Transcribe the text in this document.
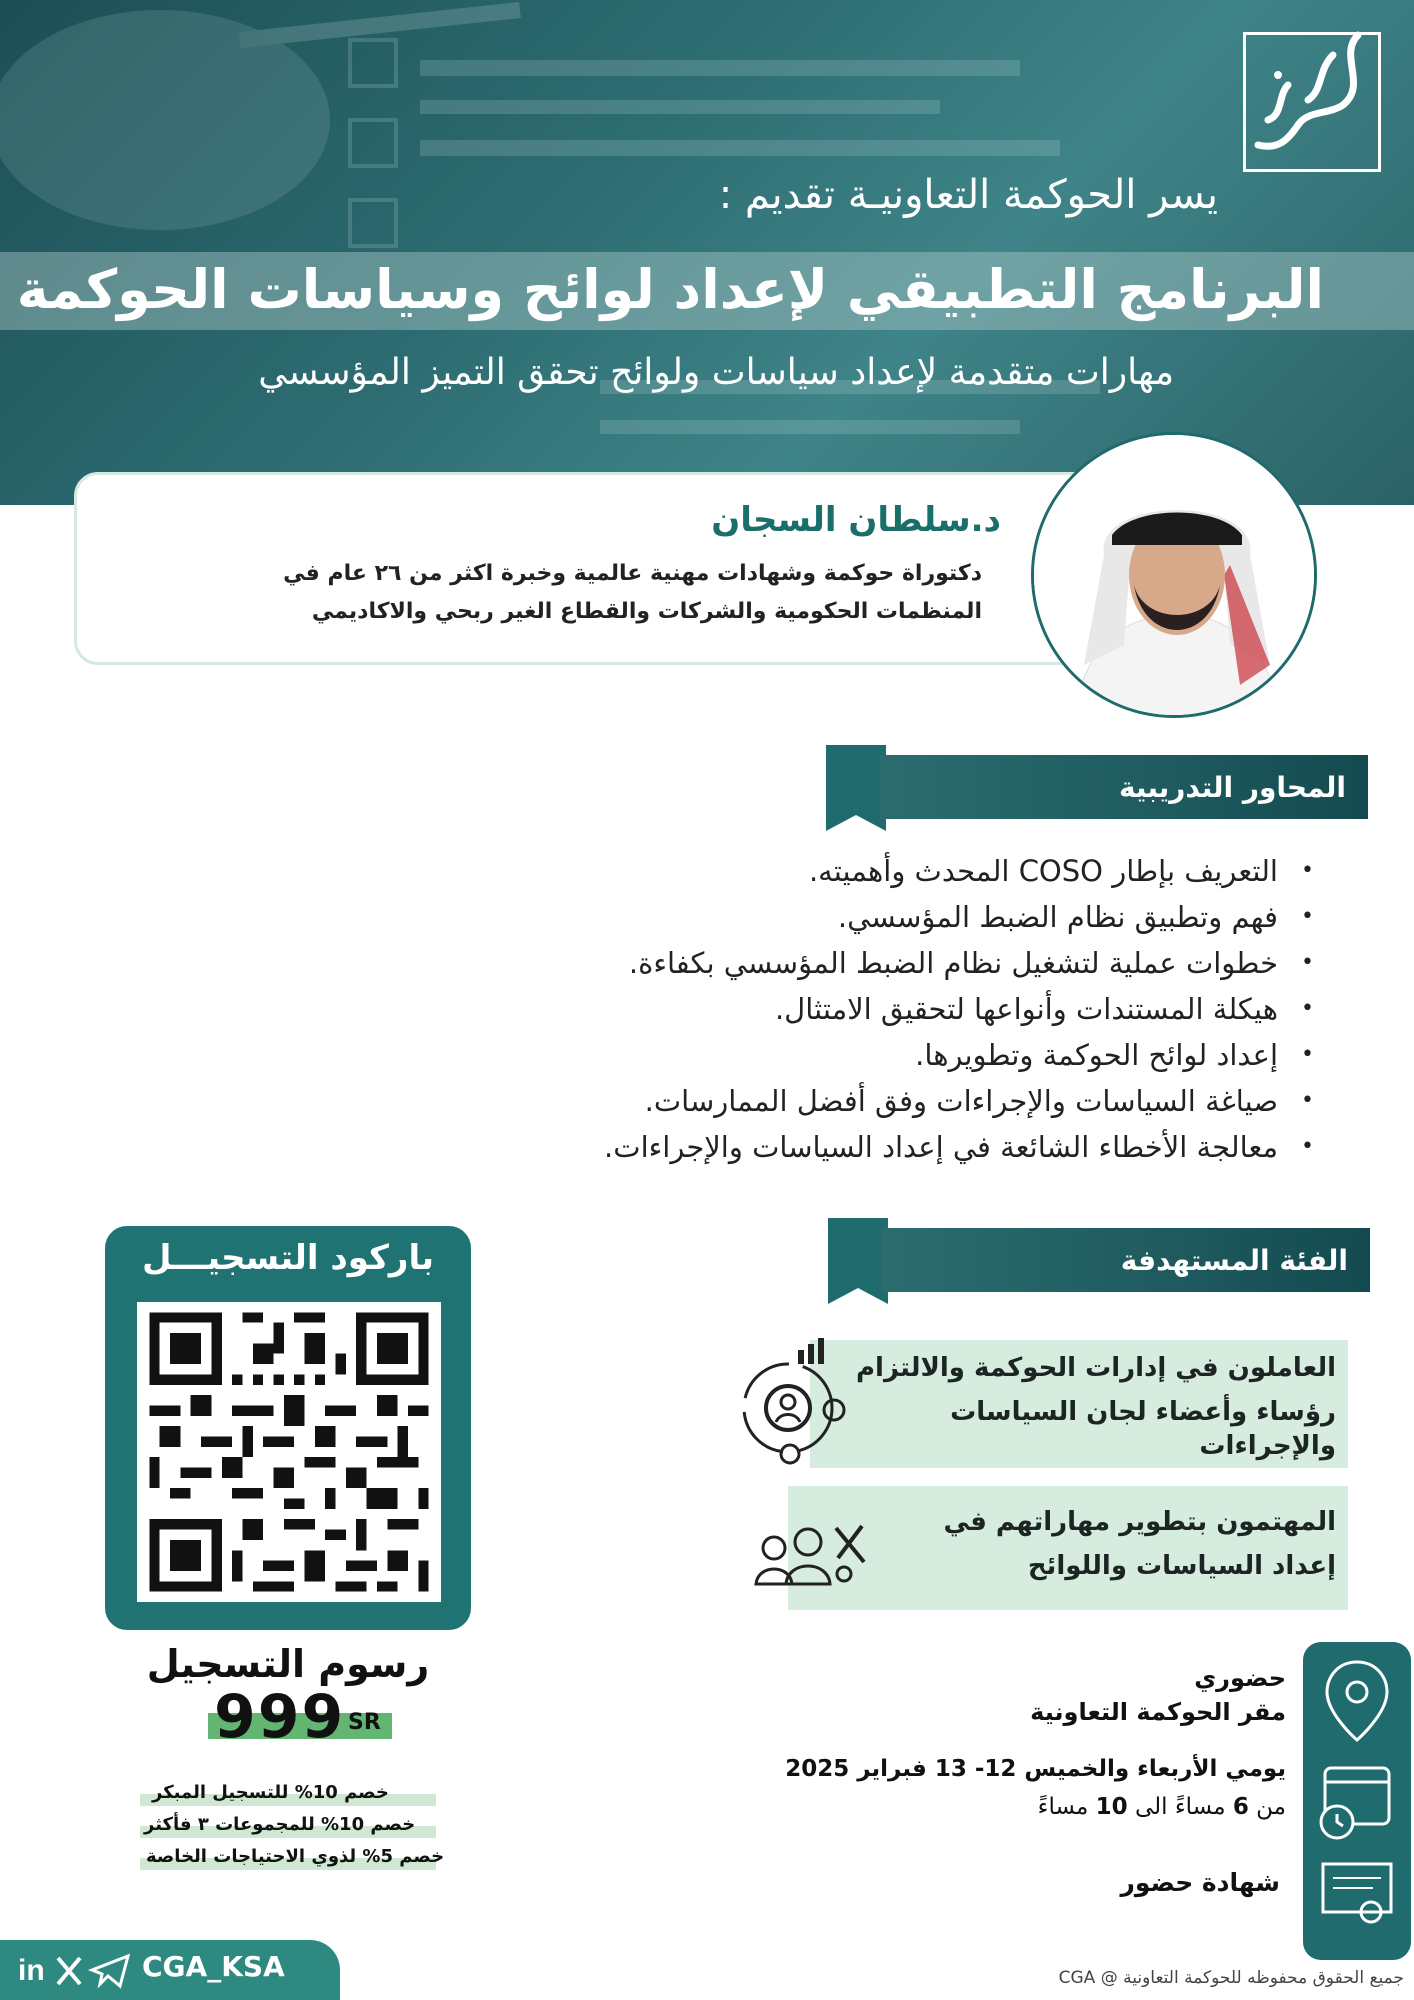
يسر الحوكمة التعاونيـة تقديم :
البرنامج التطبيقي لإعداد لوائح وسياسات الحوكمة
مهارات متقدمة لإعداد سياسات ولوائح تحقق التميز المؤسسي
د.سلطان السجان
دكتوراة حوكمة وشهادات مهنية عالمية وخبرة اكثر من ٢٦ عام في المنظمات الحكومية والشركات والقطاع الغير ربحي والاكاديمي
المحاور التدريبية
• التعريف بإطار COSO المحدث وأهميته.
• فهم وتطبيق نظام الضبط المؤسسي.
• خطوات عملية لتشغيل نظام الضبط المؤسسي بكفاءة.
• هيكلة المستندات وأنواعها لتحقيق الامتثال.
• إعداد لوائح الحوكمة وتطويرها.
• صياغة السياسات والإجراءات وفق أفضل الممارسات.
• معالجة الأخطاء الشائعة في إعداد السياسات والإجراءات.
الفئة المستهدفة
العاملون في إدارات الحوكمة والالتزام
رؤساء وأعضاء لجان السياسات
والإجراءات
المهتمون بتطوير مهاراتهم في
إعداد السياسات واللوائح
باركود التسجيـــل
رسوم التسجيل
999 SR
خصم 10% للتسجيل المبكر
خصم 10% للمجموعات ٣ فأكثر
خصم 5% لذوي الاحتياجات الخاصة
حضوري
مقر الحوكمة التعاونية
يومي الأربعاء والخميس 12- 13 فبراير 2025
من 6 مساءً الى 10 مساءً
شهادة حضور
in	CGA_KSA	جميع الحقوق محفوظه للحوكمة التعاونية @ CGA
